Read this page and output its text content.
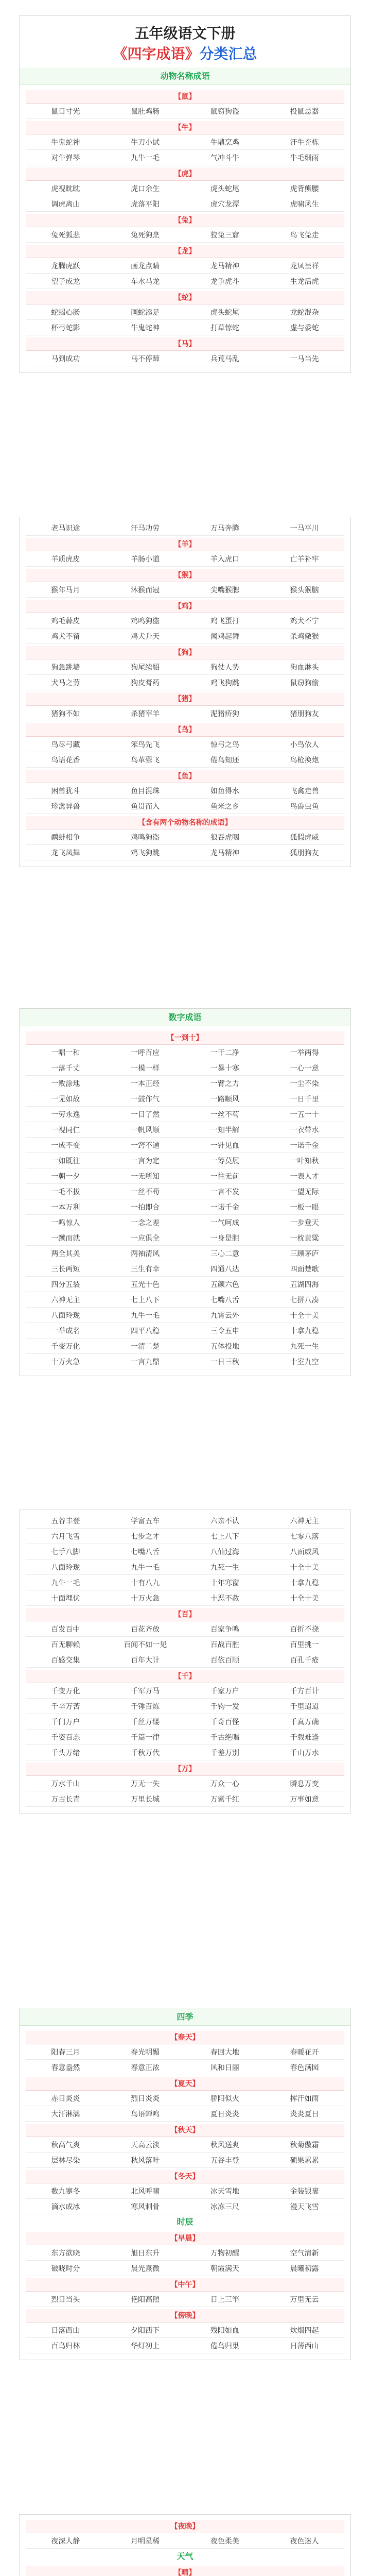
五年级语文下册
《四字成语》分类汇总
动物名称成语
【鼠】
鼠目寸光	鼠肚鸡肠	鼠窃狗盗	投鼠忌器
【牛】
牛鬼蛇神	牛刀小试	牛鼎烹鸡	汗牛充栋
对牛弹琴	九牛一毛	气冲斗牛	牛毛细雨
【虎】
虎视眈眈	虎口余生	虎头蛇尾	虎背熊腰
调虎离山	虎落平阳	虎穴龙潭	虎啸风生
【兔】
兔死狐悲	兔死狗烹	狡兔三窟	鸟飞兔走
【龙】
龙腾虎跃	画龙点睛	龙马精神	龙凤呈祥
望子成龙	车水马龙	龙争虎斗	生龙活虎
【蛇】
蛇蝎心肠	画蛇添足	虎头蛇尾	龙蛇混杂
杯弓蛇影	牛鬼蛇神	打草惊蛇	虚与委蛇
【马】
马到成功	马不停蹄	兵荒马乱	一马当先
老马识途	汗马功劳	万马奔腾	一马平川
【羊】
羊质虎皮	羊肠小道	羊入虎口	亡羊补牢
【猴】
猴年马月	沐猴而冠	尖嘴猴腮	猴头猴脑
【鸡】
鸡毛蒜皮	鸡鸣狗盗	鸡飞蛋打	鸡犬不宁
鸡犬不留	鸡犬升天	闻鸡起舞	杀鸡儆猴
【狗】
狗急跳墙	狗尾续貂	狗仗人势	狗血淋头
犬马之劳	狗皮膏药	鸡飞狗跳	鼠窃狗偷
【猪】
猪狗不如	杀猪宰羊	泥猪疥狗	猪朋狗友
【鸟】
鸟尽弓藏	笨鸟先飞	惊弓之鸟	小鸟依人
鸟语花香	鸟革翚飞	倦鸟知还	鸟枪换炮
【鱼】
困兽犹斗	鱼目混珠	如鱼得水	飞禽走兽
珍禽异兽	鱼贯而入	鱼米之乡	鸟兽虫鱼
【含有两个动物名称的成语】
鹬蚌相争	鸡鸣狗盗	狼吞虎咽	狐假虎威
龙飞凤舞	鸡飞狗跳	龙马精神	狐朋狗友
数字成语
【一到十】
一唱一和	一呼百应	一干二净	一举两得
一落千丈	一模一样	一暴十寒	一心一意
一败涂地	一本正经	一臂之力	一尘不染
一见如故	一鼓作气	一路顺风	一日千里
一劳永逸	一目了然	一丝不苟	一五一十
一视同仁	一帆风顺	一知半解	一衣带水
一成不变	一窍不通	一针见血	一诺千金
一如既往	一言为定	一筹莫展	一叶知秋
一朝一夕	一无所知	一往无前	一表人才
一毛不拔	一丝不苟	一言不发	一望无际
一本万利	一拍即合	一诺千金	一板一眼
一鸣惊人	一念之差	一气呵成	一步登天
一蹴而就	一应俱全	一身是胆	一枕黄粱
两全其美	两袖清风	三心二意	三顾茅庐
三长两短	三生有幸	四通八达	四面楚歌
四分五裂	五光十色	五颜六色	五湖四海
六神无主	七上八下	七嘴八舌	七拼八凑
八面玲珑	九牛一毛	九霄云外	十全十美
一举成名	四平八稳	三令五申	十拿九稳
千变万化	一清二楚	五体投地	九死一生
十万火急	一言九鼎	一日三秋	十室九空
五谷丰登	学富五车	六亲不认	六神无主
六月飞雪	七步之才	七上八下	七零八落
七手八脚	七嘴八舌	八仙过海	八面威风
八面玲珑	九牛一毛	九死一生	十全十美
九牛一毛	十有八九	十年寒窗	十拿九稳
十面埋伏	十万火急	十恶不赦	十全十美
【百】
百发百中	百花齐放	百家争鸣	百折不挠
百无聊赖	百闻不如一见	百战百胜	百里挑一
百感交集	百年大计	百依百顺	百孔千疮
【千】
千变万化	千军万马	千家万户	千方百计
千辛万苦	千锤百炼	千钧一发	千里迢迢
千门万户	千丝万缕	千奇百怪	千真万确
千姿百态	千篇一律	千古绝唱	千载难逢
千头万绪	千秋万代	千差万别	千山万水
【万】
万水千山	万无一失	万众一心	瞬息万变
万古长青	万里长城	万紫千红	万事如意
四季
【春天】
阳春三月	春光明媚	春回大地	春暖花开
春意盎然	春意正浓	风和日丽	春色满园
【夏天】
赤日炎炎	烈日炎炎	骄阳似火	挥汗如雨
大汗淋漓	鸟语蝉鸣	夏日炎炎	炎炎夏日
【秋天】
秋高气爽	天高云淡	秋风送爽	秋菊傲霜
层林尽染	秋风落叶	五谷丰登	硕果累累
【冬天】
数九寒冬	北风呼啸	冰天雪地	金装银裹
滴水成冰	寒风刺骨	冰冻三尺	漫天飞雪
时辰
【早晨】
东方欲晓	旭日东升	万物初醒	空气清新
破晓时分	晨光熹微	朝霞满天	晨曦初露
【中午】
烈日当头	艳阳高照	日上三竿	万里无云
【傍晚】
日落西山	夕阳西下	残阳如血	炊烟四起
百鸟归林	华灯初上	倦鸟归巢	日薄西山
【夜晚】
夜深人静	月明星稀	夜色柔美	夜色迷人
天气
【晴】
